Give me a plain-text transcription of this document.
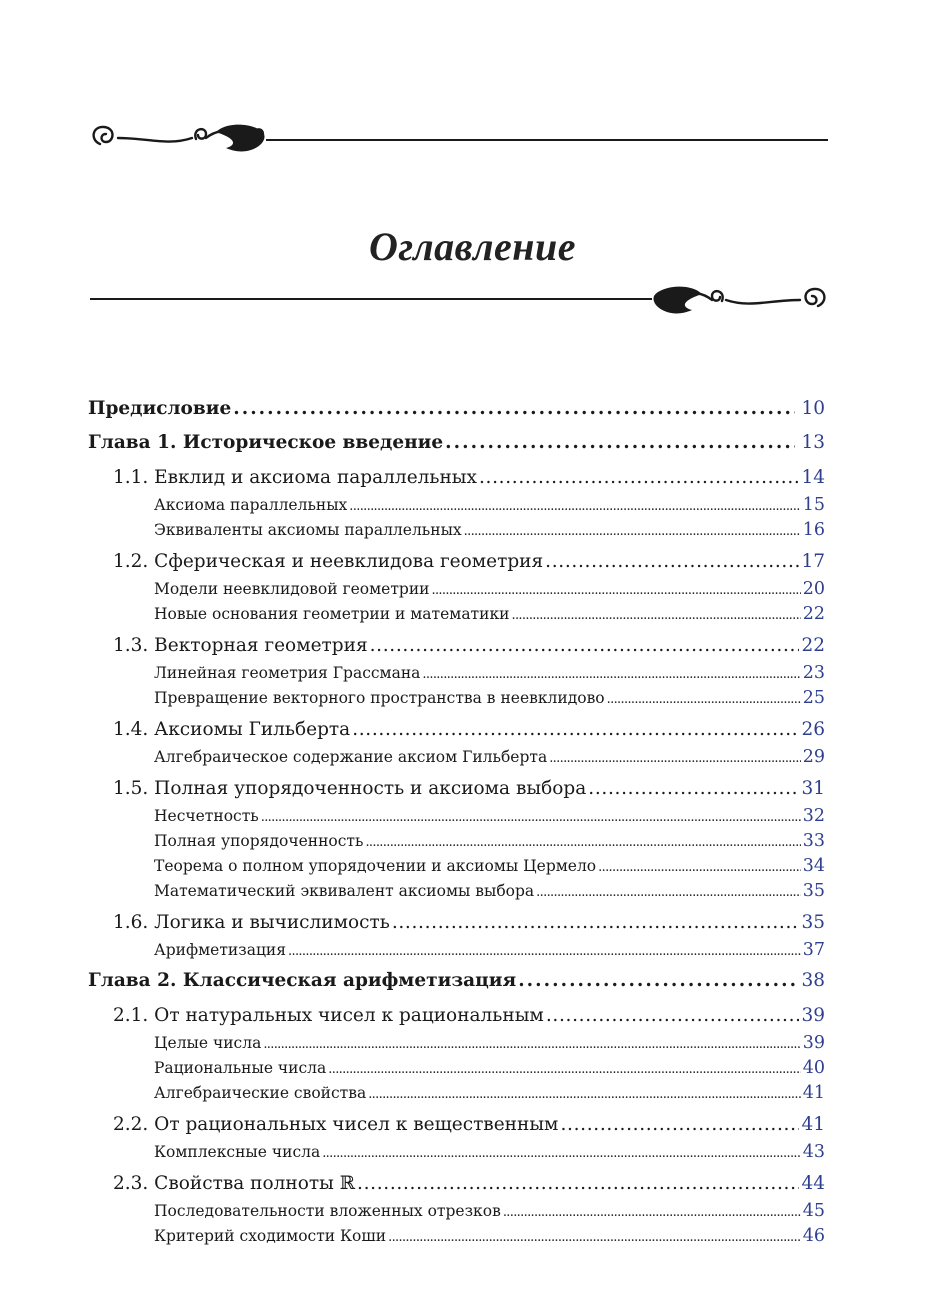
Оглавление
Предисловие . . .	10
Глава 1. Историческое введение . . .	13
1.1. Евклид и аксиома параллельных . . .	14
Аксиома параллельных . . .	15
Эквиваленты аксиомы параллельных . . .	16
1.2. Сферическая и неевклидова геометрия . . .	17
Модели неевклидовой геометрии . . .	20
Новые основания геометрии и математики . . .	22
1.3. Векторная геометрия . . .	22
Линейная геометрия Грассмана . . .	23
Превращение векторного пространства в неевклидово . . .	25
1.4. Аксиомы Гильберта . . .	26
Алгебраическое содержание аксиом Гильберта . . .	29
1.5. Полная упорядоченность и аксиома выбора . . .	31
Несчетность . . .	32
Полная упорядоченность . . .	33
Теорема о полном упорядочении и аксиомы Цермело . . .	34
Математический эквивалент аксиомы выбора . . .	35
1.6. Логика и вычислимость . . .	35
Арифметизация . . .	37
Глава 2. Классическая арифметизация . . .	38
2.1. От натуральных чисел к рациональным . . .	39
Целые числа . . .	39
Рациональные числа . . .	40
Алгебраические свойства . . .	41
2.2. От рациональных чисел к вещественным . . .	41
Комплексные числа . . .	43
2.3. Свойства полноты ℝ . . .	44
Последовательности вложенных отрезков . . .	45
Критерий сходимости Коши . . .	46
